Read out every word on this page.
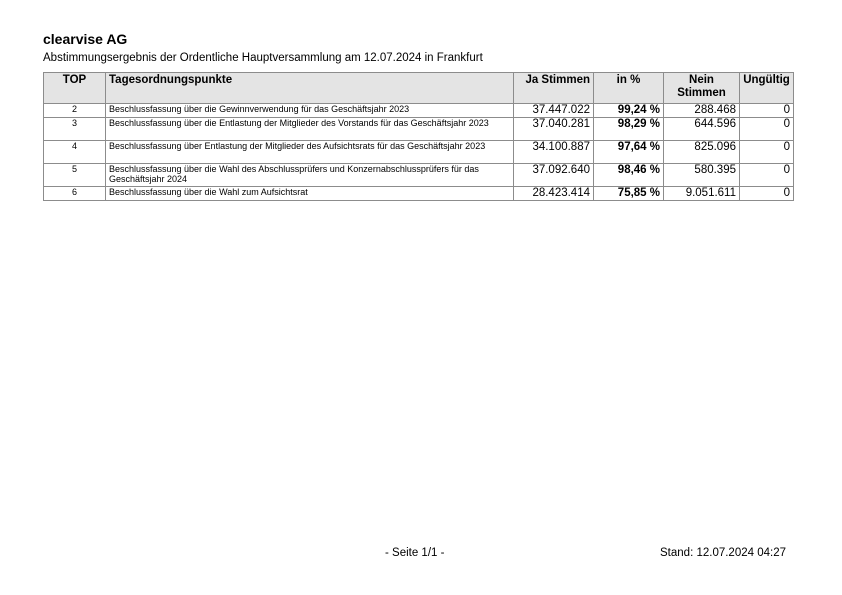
clearvise AG
Abstimmungsergebnis der Ordentliche Hauptversammlung am 12.07.2024 in Frankfurt
TOP	Tagesordnungspunkte	Ja Stimmen	in %	Nein Stimmen	Ungültig
2	Beschlussfassung über die Gewinnverwendung für das Geschäftsjahr 2023	37.447.022	99,24 %	288.468	0
3	Beschlussfassung über die Entlastung der Mitglieder des Vorstands für das Geschäftsjahr 2023	37.040.281	98,29 %	644.596	0
4	Beschlussfassung über Entlastung der Mitglieder des Aufsichtsrats für das Geschäftsjahr 2023	34.100.887	97,64 %	825.096	0
5	Beschlussfassung über die Wahl des Abschlussprüfers und Konzernabschlussprüfers für das Geschäftsjahr 2024	37.092.640	98,46 %	580.395	0
6	Beschlussfassung über die Wahl zum Aufsichtsrat	28.423.414	75,85 %	9.051.611	0
- Seite 1/1 -	Stand: 12.07.2024 04:27
